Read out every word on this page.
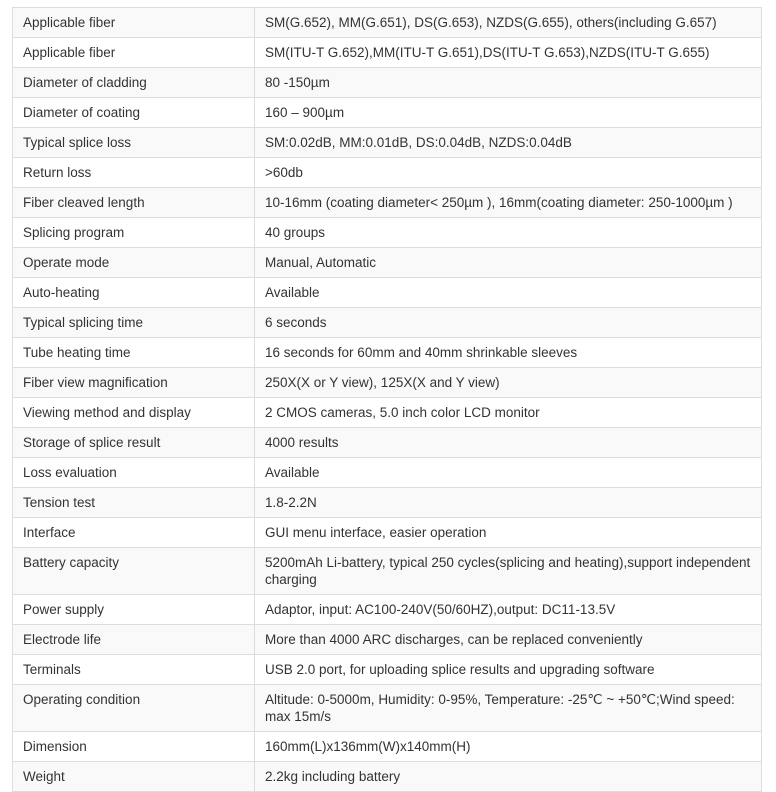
Applicable fiber	SM(G.652), MM(G.651), DS(G.653), NZDS(G.655), others(including G.657)
Applicable fiber	SM(ITU-T G.652),MM(ITU-T G.651),DS(ITU-T G.653),NZDS(ITU-T G.655)
Diameter of cladding	80 -150µm
Diameter of coating	160 – 900µm
Typical splice loss	SM:0.02dB, MM:0.01dB, DS:0.04dB, NZDS:0.04dB
Return loss	>60db
Fiber cleaved length	10-16mm (coating diameter< 250µm ), 16mm(coating diameter: 250-1000µm )
Splicing program	40 groups
Operate mode	Manual, Automatic
Auto-heating	Available
Typical splicing time	6 seconds
Tube heating time	16 seconds for 60mm and 40mm shrinkable sleeves
Fiber view magnification	250X(X or Y view), 125X(X and Y view)
Viewing method and display	2 CMOS cameras, 5.0 inch color LCD monitor
Storage of splice result	4000 results
Loss evaluation	Available
Tension test	1.8-2.2N
Interface	GUI menu interface, easier operation
Battery capacity	5200mAh Li-battery, typical 250 cycles(splicing and heating),support independent charging
Power supply	Adaptor, input: AC100-240V(50/60HZ),output: DC11-13.5V
Electrode life	More than 4000 ARC discharges, can be replaced conveniently
Terminals	USB 2.0 port, for uploading splice results and upgrading software
Operating condition	Altitude: 0-5000m, Humidity: 0-95%, Temperature: -25℃ ~ +50℃;Wind speed: max 15m/s
Dimension	160mm(L)x136mm(W)x140mm(H)
Weight	2.2kg including battery
